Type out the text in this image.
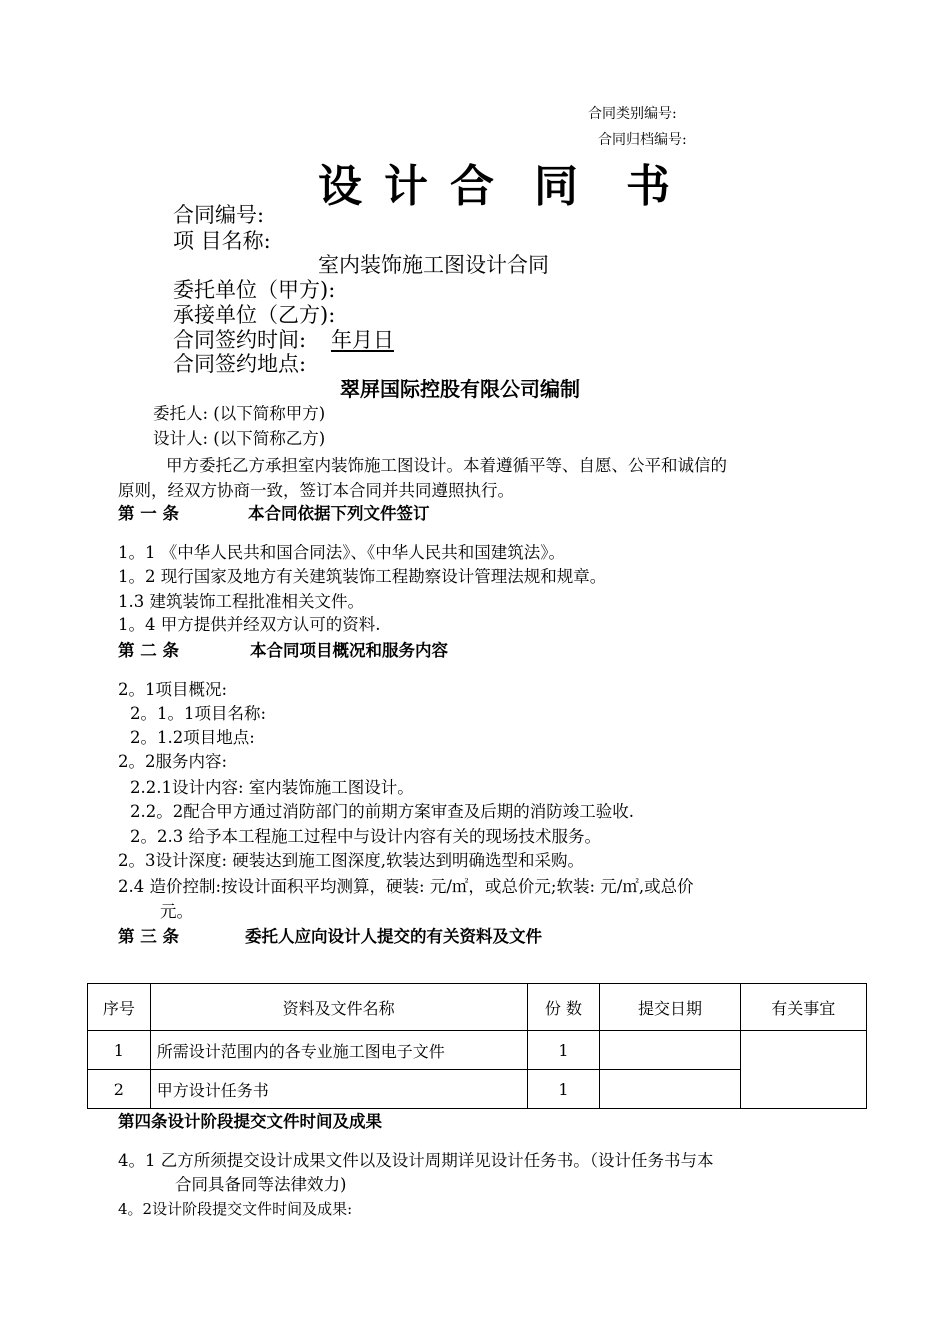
合同类别编号:
合同归档编号:
设 计 合 同 书
合同编号:
项 目名称:
室内装饰施工图设计合同
委托单位（甲方):
承接单位（乙方):
合同签约时间: 年月日
合同签约地点:
翠屏国际控股有限公司编制
委托人: (以下简称甲方)
设计人: (以下简称乙方)
甲方委托乙方承担室内装饰施工图设计。本着遵循平等、自愿、公平和诚信的
原则，经双方协商一致，签订本合同并共同遵照执行。
第 一 条	本合同依据下列文件签订
1。1 《中华人民共和国合同法》、《中华人民共和国建筑法》。
1。2 现行国家及地方有关建筑装饰工程勘察设计管理法规和规章。
1.3 建筑装饰工程批准相关文件。
1。4 甲方提供并经双方认可的资料.
第 二 条	本合同项目概况和服务内容
2。1项目概况:
2。1。1项目名称:
2。1.2项目地点:
2。2服务内容:
2.2.1设计内容: 室内装饰施工图设计。
2.2。2配合甲方通过消防部门的前期方案审查及后期的消防竣工验收.
2。2.3 给予本工程施工过程中与设计内容有关的现场技术服务。
2。3设计深度: 硬装达到施工图深度,软装达到明确选型和采购。
2.4 造价控制:按设计面积平均测算，硬装: 元/㎡，或总价元;软装: 元/㎡,或总价
元。
第 三 条	委托人应向设计人提交的有关资料及文件
序号	资料及文件名称	份 数	提交日期	有关事宜
1	所需设计范围内的各专业施工图电子文件	1		
2	甲方设计任务书	1		
第四条设计阶段提交文件时间及成果
4。1 乙方所须提交设计成果文件以及设计周期详见设计任务书。（设计任务书与本
合同具备同等法律效力)
4。2设计阶段提交文件时间及成果:
